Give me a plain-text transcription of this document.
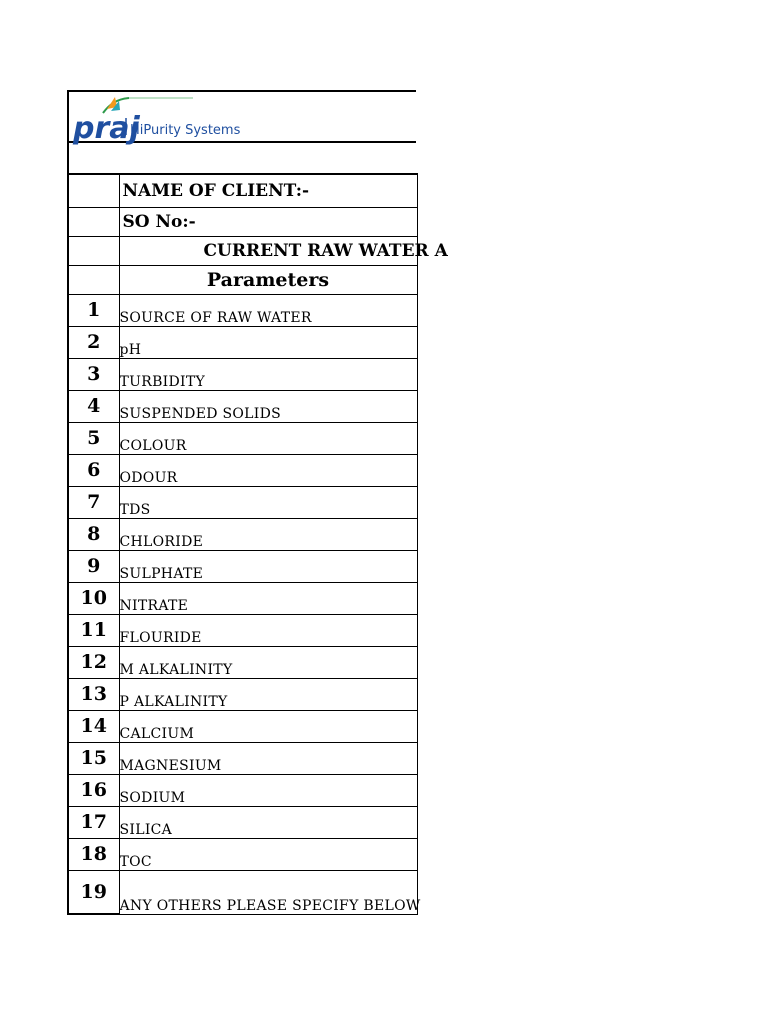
praj
HiPurity Systems
	NAME OF CLIENT:-
	SO No:-
	CURRENT RAW WATER A
	Parameters
1	SOURCE OF RAW WATER
2	pH
3	TURBIDITY
4	SUSPENDED SOLIDS
5	COLOUR
6	ODOUR
7	TDS
8	CHLORIDE
9	SULPHATE
10	NITRATE
11	FLOURIDE
12	M ALKALINITY
13	P ALKALINITY
14	CALCIUM
15	MAGNESIUM
16	SODIUM
17	SILICA
18	TOC
19	ANY OTHERS PLEASE SPECIFY BELOW
